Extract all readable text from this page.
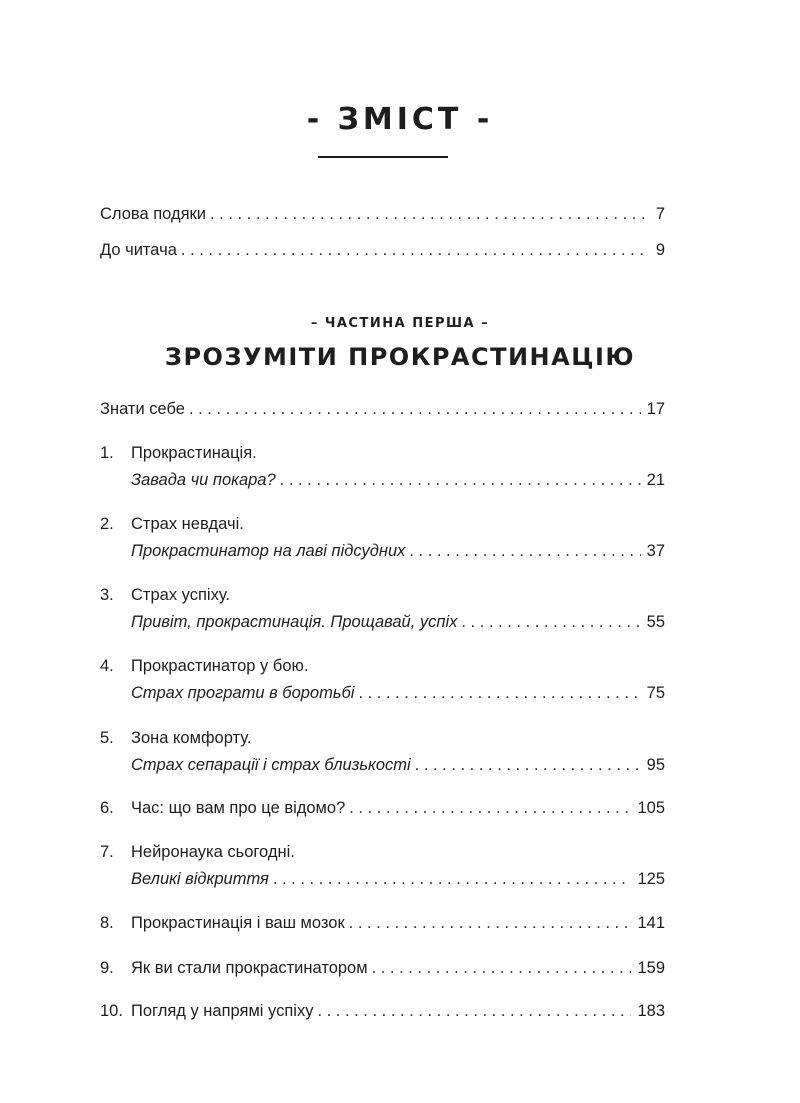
- ЗМІСТ -
Слова подяки . . .	7
До читача . . .	9
– ЧАСТИНА ПЕРША –
ЗРОЗУМІТИ ПРОКРАСТИНАЦІЮ
Знати себе . . .	17
1.	Прокрастинація.
Завада чи покара? . . .	21
2.	Страх невдачі.
Прокрастинатор на лаві підсудних . . .	37
3.	Страх успіху.
Привіт, прокрастинація. Прощавай, успіх . . .	55
4.	Прокрастинатор у бою.
Страх програти в боротьбі . . .	75
5.	Зона комфорту.
Страх сепарації і страх близькості . . .	95
6.	Час: що вам про це відомо? . . .	105
7.	Нейронаука сьогодні.
Великі відкриття . . .	125
8.	Прокрастинація і ваш мозок . . .	141
9.	Як ви стали прокрастинатором . . .	159
10. Погляд у напрямі успіху . . .	183
